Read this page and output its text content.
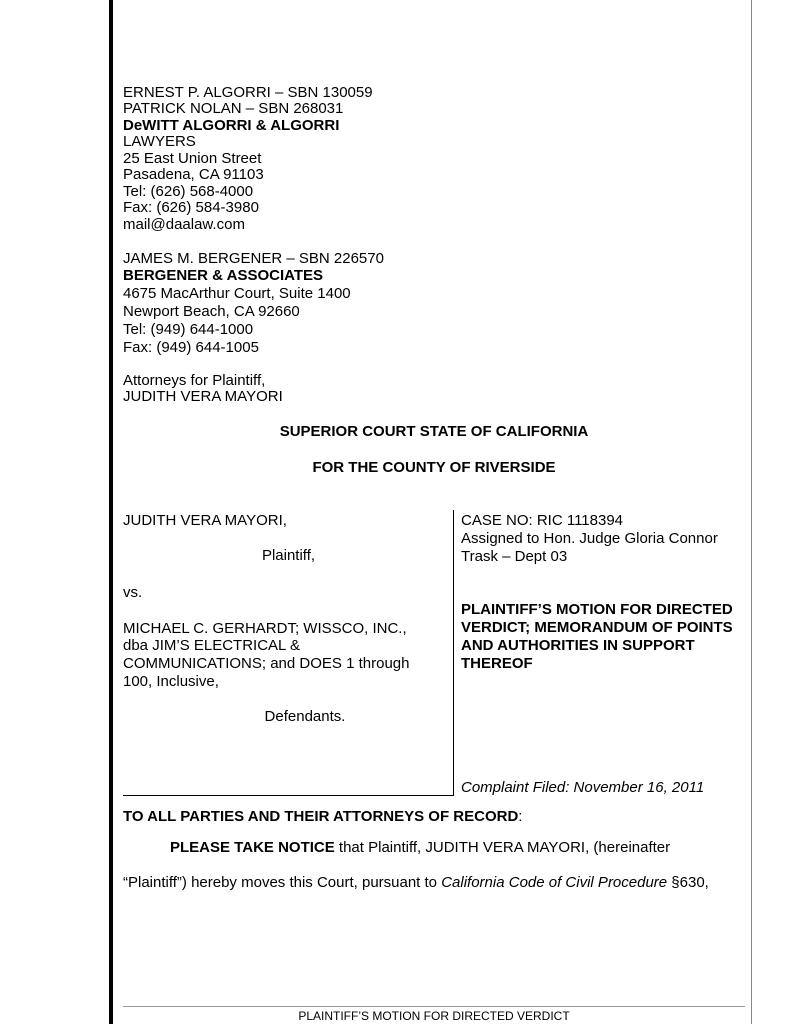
ERNEST P. ALGORRI – SBN 130059
PATRICK NOLAN – SBN 268031
DeWITT ALGORRI & ALGORRI
LAWYERS
25 East Union Street
Pasadena, CA 91103
Tel: (626) 568-4000
Fax: (626) 584-3980
mail@daalaw.com
JAMES M. BERGENER – SBN 226570
BERGENER & ASSOCIATES
4675 MacArthur Court, Suite 1400
Newport Beach, CA 92660
Tel: (949) 644-1000
Fax: (949) 644-1005
Attorneys for Plaintiff,
JUDITH VERA MAYORI
SUPERIOR COURT STATE OF CALIFORNIA
FOR THE COUNTY OF RIVERSIDE
JUDITH VERA MAYORI,
Plaintiff,
vs.
MICHAEL C. GERHARDT; WISSCO, INC.,
dba JIM’S ELECTRICAL &
COMMUNICATIONS; and DOES 1 through
100, Inclusive,
Defendants.
CASE NO: RIC 1118394
Assigned to Hon. Judge Gloria Connor
Trask – Dept 03
PLAINTIFF’S MOTION FOR DIRECTED
VERDICT; MEMORANDUM OF POINTS
AND AUTHORITIES IN SUPPORT
THEREOF
Complaint Filed: November 16, 2011
TO ALL PARTIES AND THEIR ATTORNEYS OF RECORD:
PLEASE TAKE NOTICE that Plaintiff, JUDITH VERA MAYORI, (hereinafter
“Plaintiff”) hereby moves this Court, pursuant to California Code of Civil Procedure §630,
PLAINTIFF’S MOTION FOR DIRECTED VERDICT
